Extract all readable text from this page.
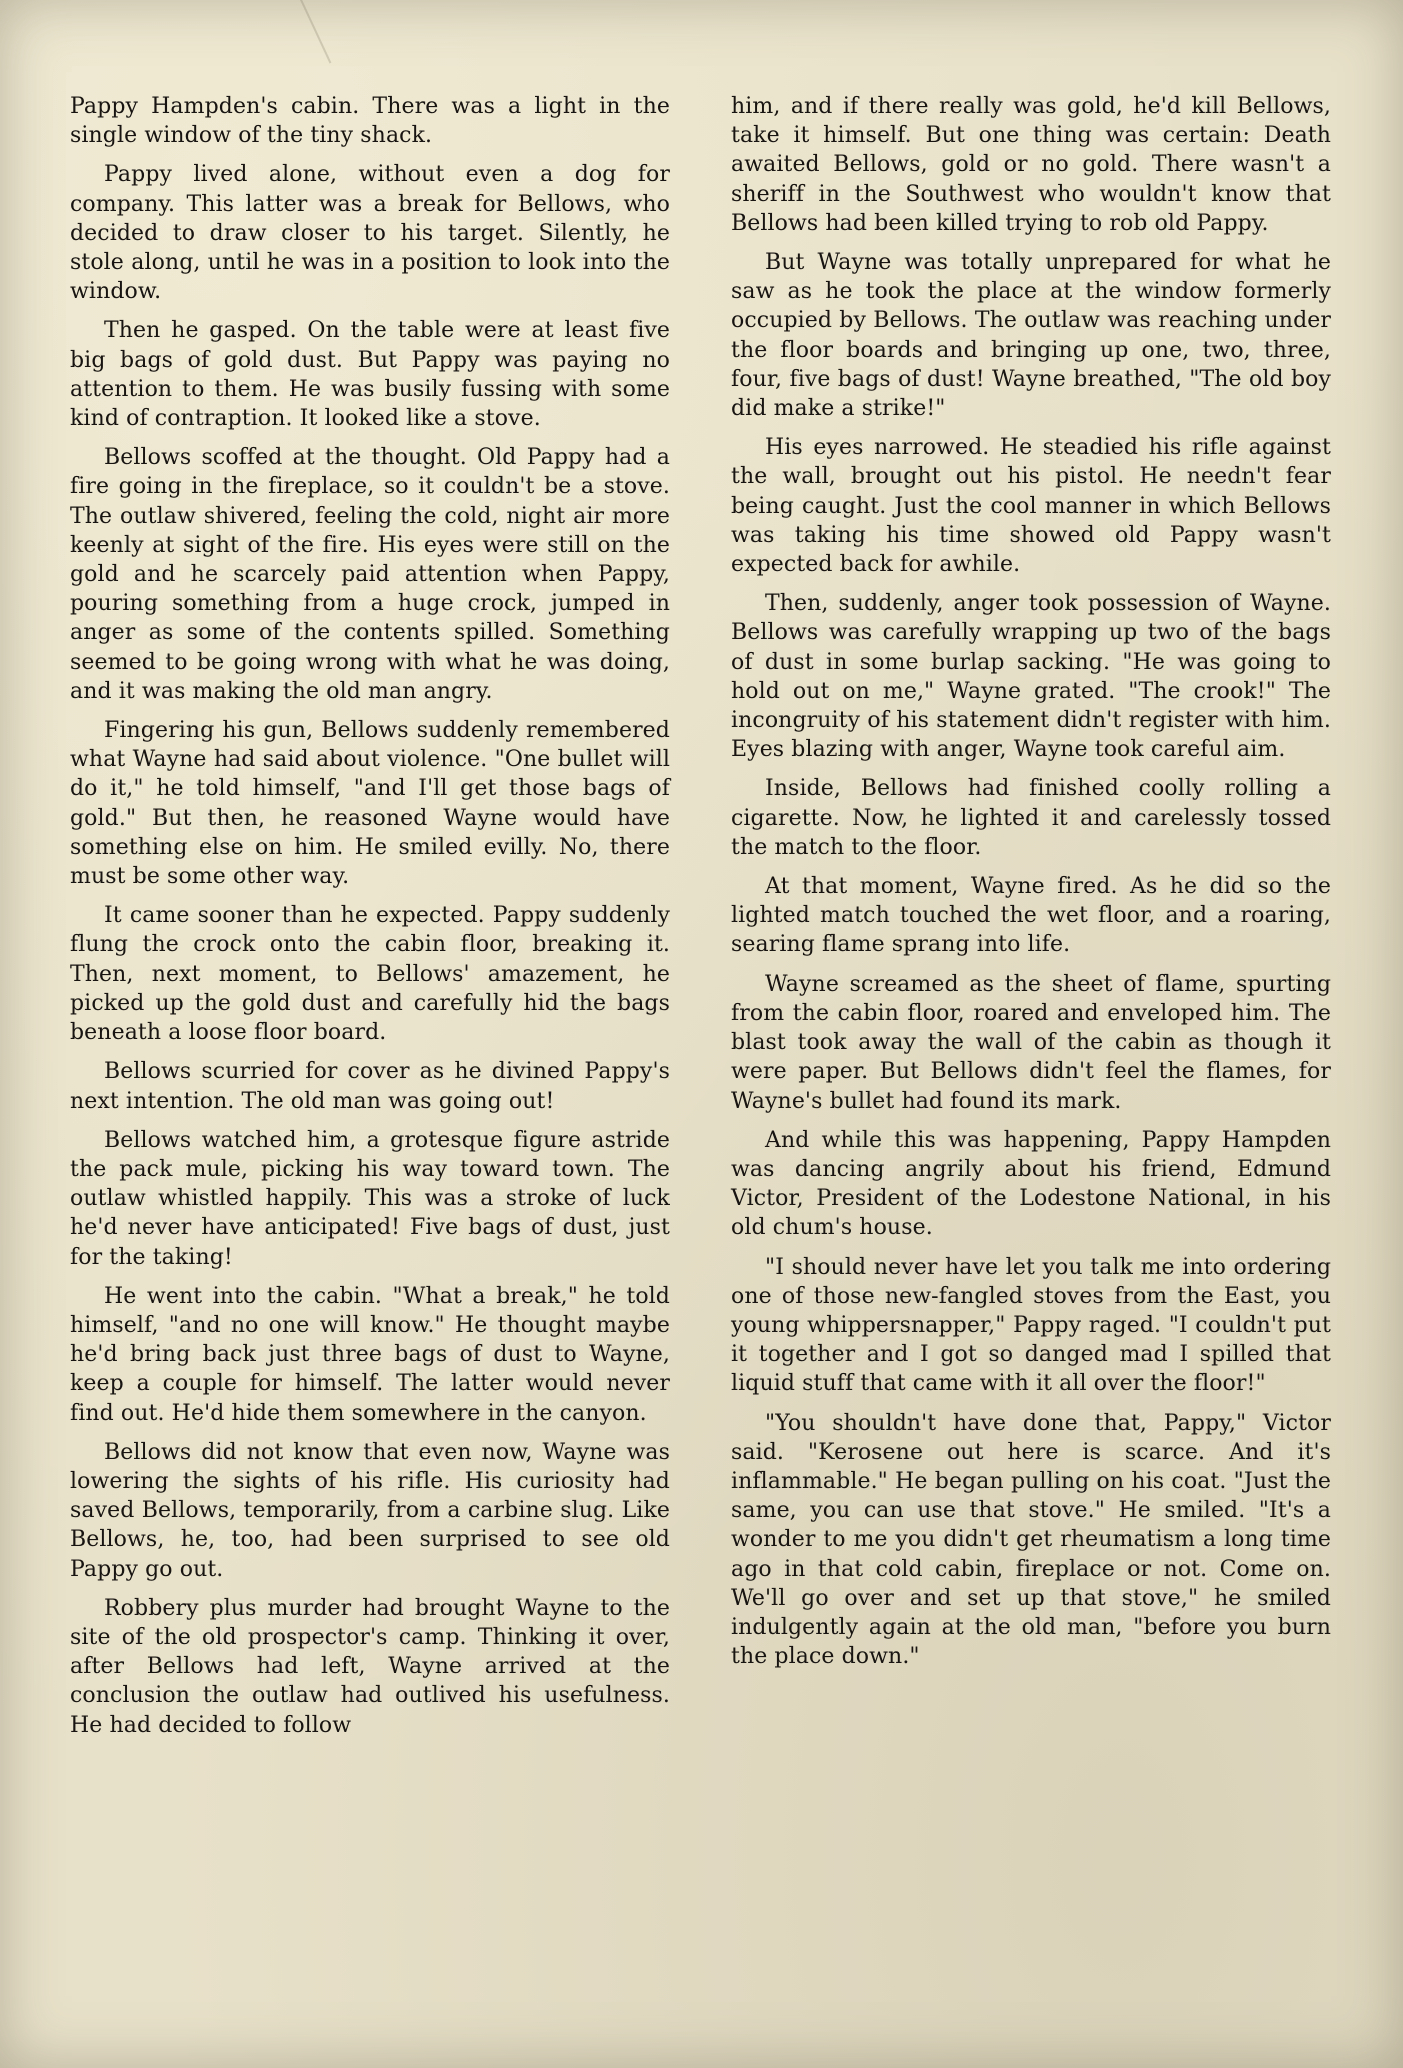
Pappy Hampden's cabin. There was a light in the single window of the tiny shack.

Pappy lived alone, without even a dog for company. This latter was a break for Bellows, who decided to draw closer to his target. Silently, he stole along, until he was in a position to look into the window.

Then he gasped. On the table were at least five big bags of gold dust. But Pappy was paying no attention to them. He was busily fussing with some kind of contraption. It looked like a stove.

Bellows scoffed at the thought. Old Pappy had a fire going in the fireplace, so it couldn't be a stove. The outlaw shivered, feeling the cold, night air more keenly at sight of the fire. His eyes were still on the gold and he scarcely paid attention when Pappy, pouring something from a huge crock, jumped in anger as some of the contents spilled. Something seemed to be going wrong with what he was doing, and it was making the old man angry.

Fingering his gun, Bellows suddenly remembered what Wayne had said about violence. "One bullet will do it," he told himself, "and I'll get those bags of gold." But then, he reasoned Wayne would have something else on him. He smiled evilly. No, there must be some other way.

It came sooner than he expected. Pappy suddenly flung the crock onto the cabin floor, breaking it. Then, next moment, to Bellows' amazement, he picked up the gold dust and carefully hid the bags beneath a loose floor board.

Bellows scurried for cover as he divined Pappy's next intention. The old man was going out!

Bellows watched him, a grotesque figure astride the pack mule, picking his way toward town. The outlaw whistled happily. This was a stroke of luck he'd never have anticipated! Five bags of dust, just for the taking!

He went into the cabin. "What a break," he told himself, "and no one will know." He thought maybe he'd bring back just three bags of dust to Wayne, keep a couple for himself. The latter would never find out. He'd hide them somewhere in the canyon.

Bellows did not know that even now, Wayne was lowering the sights of his rifle. His curiosity had saved Bellows, temporarily, from a carbine slug. Like Bellows, he, too, had been surprised to see old Pappy go out.

Robbery plus murder had brought Wayne to the site of the old prospector's camp. Thinking it over, after Bellows had left, Wayne arrived at the conclusion the outlaw had outlived his usefulness. He had decided to follow

him, and if there really was gold, he'd kill Bellows, take it himself. But one thing was certain: Death awaited Bellows, gold or no gold. There wasn't a sheriff in the Southwest who wouldn't know that Bellows had been killed trying to rob old Pappy.

But Wayne was totally unprepared for what he saw as he took the place at the window formerly occupied by Bellows. The outlaw was reaching under the floor boards and bringing up one, two, three, four, five bags of dust! Wayne breathed, "The old boy did make a strike!"

His eyes narrowed. He steadied his rifle against the wall, brought out his pistol. He needn't fear being caught. Just the cool manner in which Bellows was taking his time showed old Pappy wasn't expected back for awhile.

Then, suddenly, anger took possession of Wayne. Bellows was carefully wrapping up two of the bags of dust in some burlap sacking. "He was going to hold out on me," Wayne grated. "The crook!" The incongruity of his statement didn't register with him. Eyes blazing with anger, Wayne took careful aim.

Inside, Bellows had finished coolly rolling a cigarette. Now, he lighted it and carelessly tossed the match to the floor.

At that moment, Wayne fired. As he did so the lighted match touched the wet floor, and a roaring, searing flame sprang into life.

Wayne screamed as the sheet of flame, spurting from the cabin floor, roared and enveloped him. The blast took away the wall of the cabin as though it were paper. But Bellows didn't feel the flames, for Wayne's bullet had found its mark.

And while this was happening, Pappy Hampden was dancing angrily about his friend, Edmund Victor, President of the Lodestone National, in his old chum's house.

"I should never have let you talk me into ordering one of those new-fangled stoves from the East, you young whippersnapper," Pappy raged. "I couldn't put it together and I got so danged mad I spilled that liquid stuff that came with it all over the floor!"

"You shouldn't have done that, Pappy," Victor said. "Kerosene out here is scarce. And it's inflammable." He began pulling on his coat. "Just the same, you can use that stove." He smiled. "It's a wonder to me you didn't get rheumatism a long time ago in that cold cabin, fireplace or not. Come on. We'll go over and set up that stove," he smiled indulgently again at the old man, "before you burn the place down."
